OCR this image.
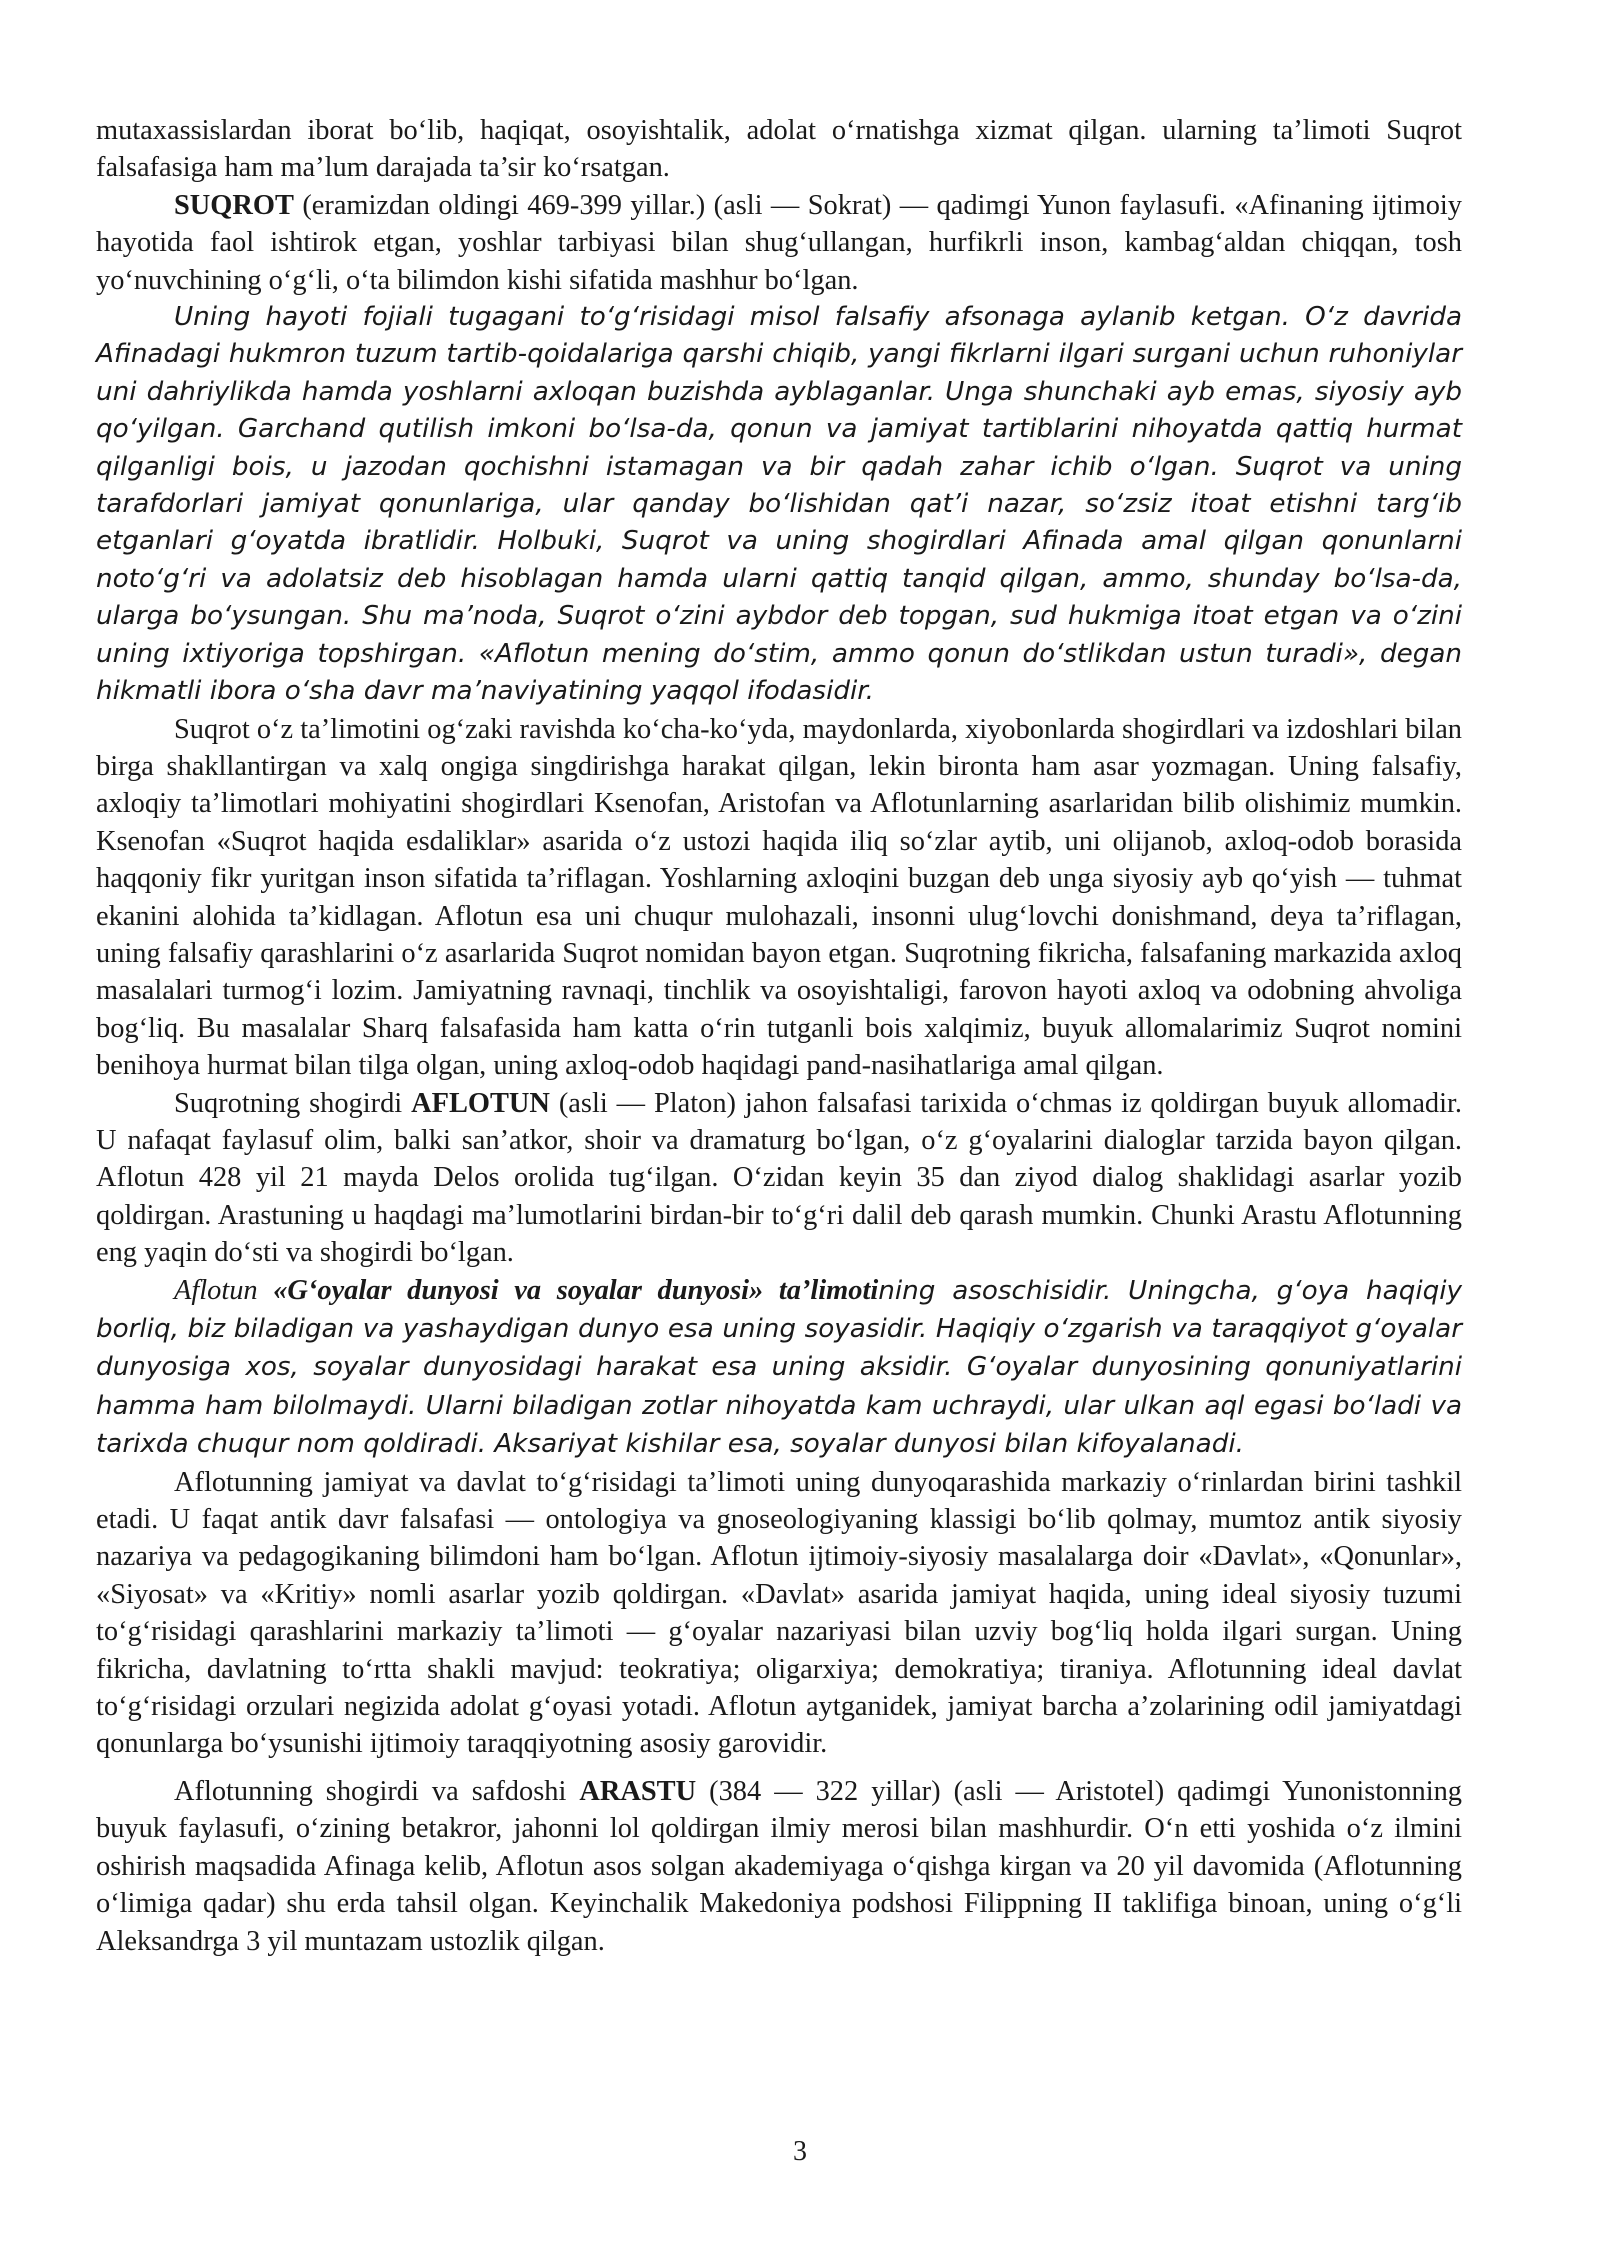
mutaxassislardan iborat bo‘lib, haqiqat, osoyishtalik, adolat o‘rnatishga xizmat qilgan. ularning ta’limoti Suqrot falsafasiga ham ma’lum darajada ta’sir ko‘rsatgan.

SUQROT (eramizdan oldingi 469-399 yillar.) (asli — Sokrat) — qadimgi Yunon faylasufi. «Afinaning ijtimoiy hayotida faol ishtirok etgan, yoshlar tarbiyasi bilan shug‘ullangan, hurfikrli inson, kambag‘aldan chiqqan, tosh yo‘nuvchining o‘g‘li, o‘ta bilimdon kishi sifatida mashhur bo‘lgan.

Uning hayoti fojiali tugagani to‘g‘risidagi misol falsafiy afsonaga aylanib ketgan. O‘z davrida Afinadagi hukmron tuzum tartib-qoidalariga qarshi chiqib, yangi fikrlarni ilgari surgani uchun ruhoniylar uni dahriylikda hamda yoshlarni axloqan buzishda ayblaganlar. Unga shunchaki ayb emas, siyosiy ayb qo‘yilgan. Garchand qutilish imkoni bo‘lsa-da, qonun va jamiyat tartiblarini nihoyatda qattiq hurmat qilganligi bois, u jazodan qochishni istamagan va bir qadah zahar ichib o‘lgan. Suqrot va uning tarafdorlari jamiyat qonunlariga, ular qanday bo‘lishidan qat’i nazar, so‘zsiz itoat etishni targ‘ib etganlari g‘oyatda ibratlidir. Holbuki, Suqrot va uning shogirdlari Afinada amal qilgan qonunlarni noto‘g‘ri va adolatsiz deb hisoblagan hamda ularni qattiq tanqid qilgan, ammo, shunday bo‘lsa-da, ularga bo‘ysungan. Shu ma’noda, Suqrot o‘zini aybdor deb topgan, sud hukmiga itoat etgan va o‘zini uning ixtiyoriga topshirgan. «Aflotun mening do‘stim, ammo qonun do‘stlikdan ustun turadi», degan hikmatli ibora o‘sha davr ma’naviyatining yaqqol ifodasidir.

Suqrot o‘z ta’limotini og‘zaki ravishda ko‘cha-ko‘yda, maydonlarda, xiyobonlarda shogirdlari va izdoshlari bilan birga shakllantirgan va xalq ongiga singdirishga harakat qilgan, lekin bironta ham asar yozmagan. Uning falsafiy, axloqiy ta’limotlari mohiyatini shogirdlari Ksenofan, Aristofan va Aflotunlarning asarlaridan bilib olishimiz mumkin. Ksenofan «Suqrot haqida esdaliklar» asarida o‘z ustozi haqida iliq so‘zlar aytib, uni olijanob, axloq-odob borasida haqqoniy fikr yuritgan inson sifatida ta’riflagan. Yoshlarning axloqini buzgan deb unga siyosiy ayb qo‘yish — tuhmat ekanini alohida ta’kidlagan. Aflotun esa uni chuqur mulohazali, insonni ulug‘lovchi donishmand, deya ta’riflagan, uning falsafiy qarashlarini o‘z asarlarida Suqrot nomidan bayon etgan. Suqrotning fikricha, falsafaning markazida axloq masalalari turmog‘i lozim. Jamiyatning ravnaqi, tinchlik va osoyishtaligi, farovon hayoti axloq va odobning ahvoliga bog‘liq. Bu masalalar Sharq falsafasida ham katta o‘rin tutganli bois xalqimiz, buyuk allomalarimiz Suqrot nomini benihoya hurmat bilan tilga olgan, uning axloq-odob haqidagi pand-nasihatlariga amal qilgan.

Suqrotning shogirdi AFLOTUN (asli — Platon) jahon falsafasi tarixida o‘chmas iz qoldirgan buyuk allomadir. U nafaqat faylasuf olim, balki san’atkor, shoir va dramaturg bo‘lgan, o‘z g‘oyalarini dialoglar tarzida bayon qilgan. Aflotun 428 yil 21 mayda Delos orolida tug‘ilgan. O‘zidan keyin 35 dan ziyod dialog shaklidagi asarlar yozib qoldirgan. Arastuning u haqdagi ma’lumotlarini birdan-bir to‘g‘ri dalil deb qarash mumkin. Chunki Arastu Aflotunning eng yaqin do‘sti va shogirdi bo‘lgan.

Aflotun «G‘oyalar dunyosi va soyalar dunyosi» ta’limotining asoschisidir. Uningcha, g‘oya haqiqiy borliq, biz biladigan va yashaydigan dunyo esa uning soyasidir. Haqiqiy o‘zgarish va taraqqiyot g‘oyalar dunyosiga xos, soyalar dunyosidagi harakat esa uning aksidir. G‘oyalar dunyosining qonuniyatlarini hamma ham bilolmaydi. Ularni biladigan zotlar nihoyatda kam uchraydi, ular ulkan aql egasi bo‘ladi va tarixda chuqur nom qoldiradi. Aksariyat kishilar esa, soyalar dunyosi bilan kifoyalanadi.

Aflotunning jamiyat va davlat to‘g‘risidagi ta’limoti uning dunyoqarashida markaziy o‘rinlardan birini tashkil etadi. U faqat antik davr falsafasi — ontologiya va gnoseologiyaning klassigi bo‘lib qolmay, mumtoz antik siyosiy nazariya va pedagogikaning bilimdoni ham bo‘lgan. Aflotun ijtimoiy-siyosiy masalalarga doir «Davlat», «Qonunlar», «Siyosat» va «Kritiy» nomli asarlar yozib qoldirgan. «Davlat» asarida jamiyat haqida, uning ideal siyosiy tuzumi to‘g‘risidagi qarashlarini markaziy ta’limoti — g‘oyalar nazariyasi bilan uzviy bog‘liq holda ilgari surgan. Uning fikricha, davlatning to‘rtta shakli mavjud: teokratiya; oligarxiya; demokratiya; tiraniya. Aflotunning ideal davlat to‘g‘risidagi orzulari negizida adolat g‘oyasi yotadi. Aflotun aytganidek, jamiyat barcha a’zolarining odil jamiyatdagi qonunlarga bo‘ysunishi ijtimoiy taraqqiyotning asosiy garovidir.

Aflotunning shogirdi va safdoshi ARASTU (384 — 322 yillar) (asli — Aristotel) qadimgi Yunonistonning buyuk faylasufi, o‘zining betakror, jahonni lol qoldirgan ilmiy merosi bilan mashhurdir. O‘n etti yoshida o‘z ilmini oshirish maqsadida Afinaga kelib, Aflotun asos solgan akademiyaga o‘qishga kirgan va 20 yil davomida (Aflotunning o‘limiga qadar) shu erda tahsil olgan. Keyinchalik Makedoniya podshosi Filippning II taklifiga binoan, uning o‘g‘li Aleksandrga 3 yil muntazam ustozlik qilgan.

3
